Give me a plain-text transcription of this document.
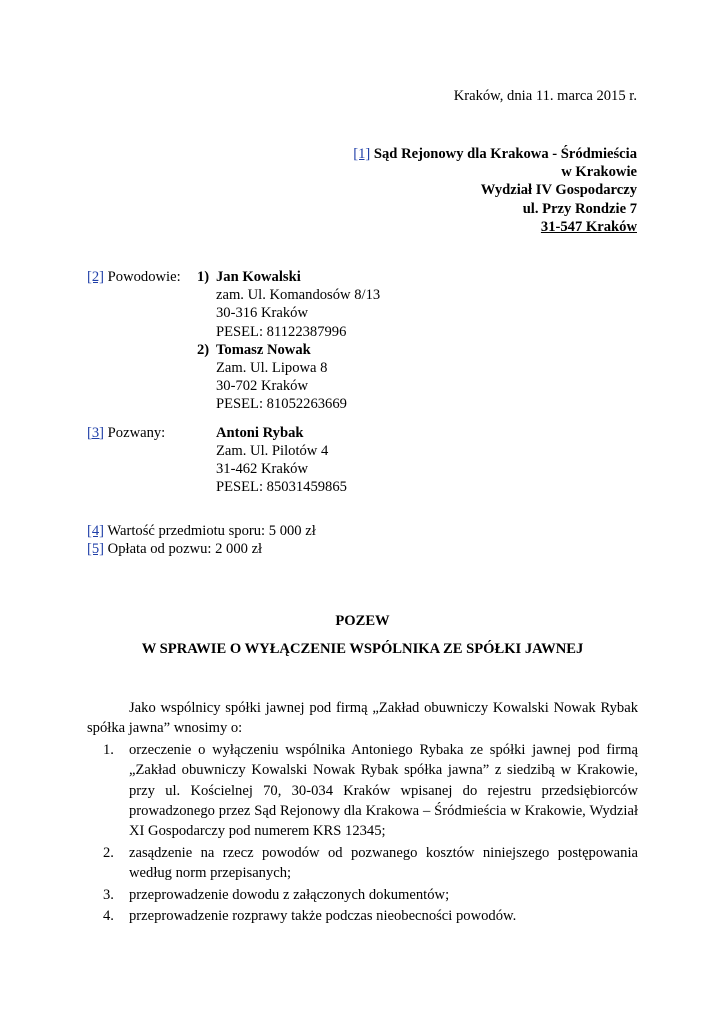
Kraków, dnia 11. marca 2015 r.
[1] Sąd Rejonowy dla Krakowa - Śródmieścia
w Krakowie
Wydział IV Gospodarczy
ul. Przy Rondzie 7
31-547 Kraków
[2] Powodowie: 1) Jan Kowalski
zam. Ul. Komandosów 8/13
30-316 Kraków
PESEL: 81122387996
2) Tomasz Nowak
Zam. Ul. Lipowa 8
30-702 Kraków
PESEL: 81052263669
[3] Pozwany:	Antoni Rybak
Zam. Ul. Pilotów 4
31-462 Kraków
PESEL: 85031459865
[4] Wartość przedmiotu sporu: 5 000 zł
[5] Opłata od pozwu: 2 000 zł
POZEW
W SPRAWIE O WYŁĄCZENIE WSPÓLNIKA ZE SPÓŁKI JAWNEJ

Jako wspólnicy spółki jawnej pod firmą „Zakład obuwniczy Kowalski Nowak Rybak spółka jawna” wnosimy o:

1. orzeczenie o wyłączeniu wspólnika Antoniego Rybaka ze spółki jawnej pod firmą „Zakład obuwniczy Kowalski Nowak Rybak spółka jawna” z siedzibą w Krakowie, przy ul. Kościelnej 70, 30-034 Kraków wpisanej do rejestru przedsiębiorców prowadzonego przez Sąd Rejonowy dla Krakowa – Śródmieścia w Krakowie, Wydział XI Gospodarczy pod numerem KRS 12345;
2. zasądzenie na rzecz powodów od pozwanego kosztów niniejszego postępowania według norm przepisanych;
3. przeprowadzenie dowodu z załączonych dokumentów;
4. przeprowadzenie rozprawy także podczas nieobecności powodów.
